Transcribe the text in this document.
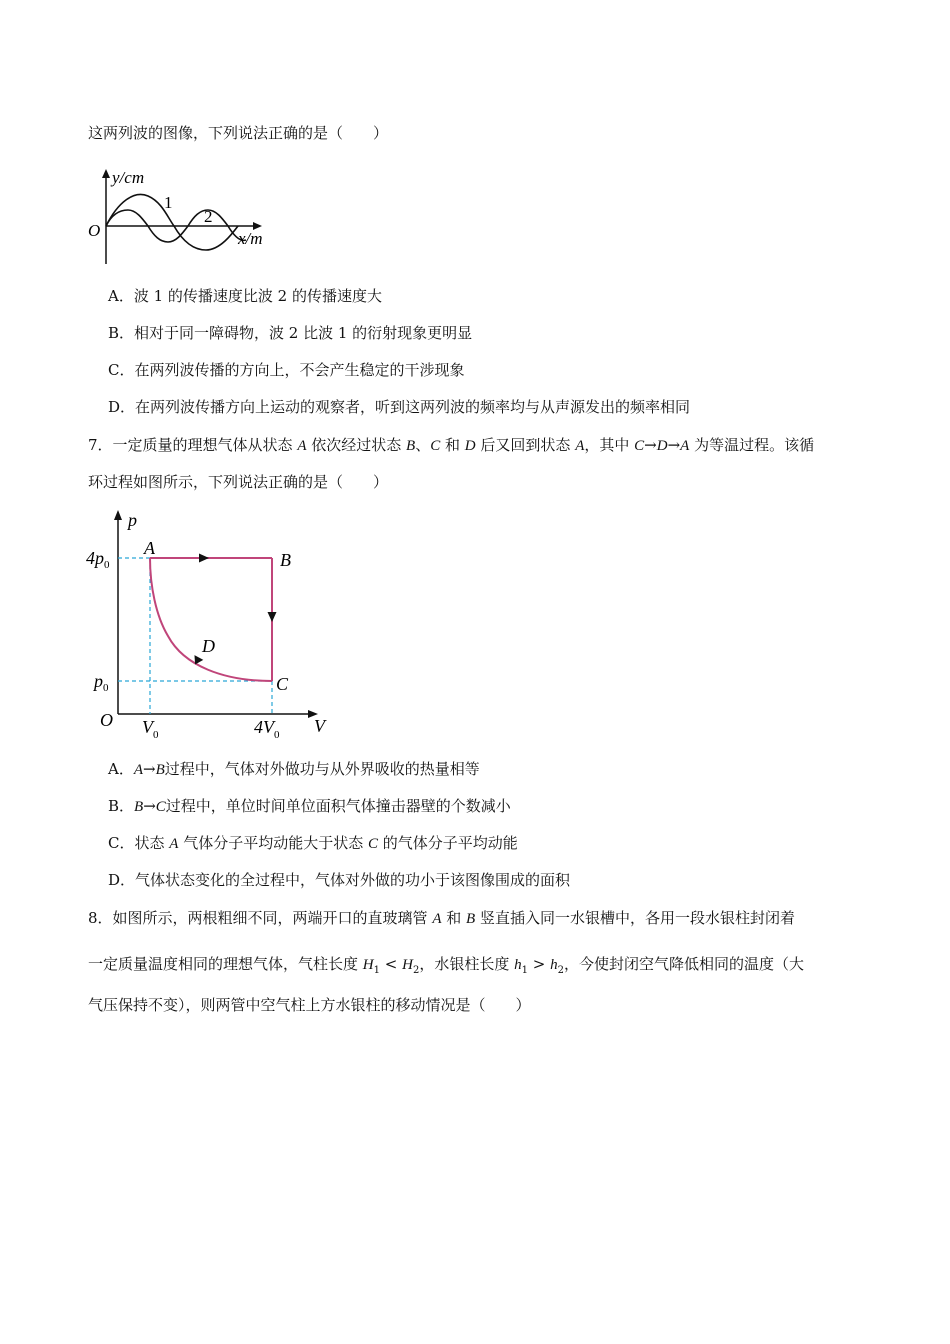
这两列波的图像，下列说法正确的是（　　）
y/cm
O
1
2
x/m
A．波 1 的传播速度比波 2 的传播速度大
B．相对于同一障碍物，波 2 比波 1 的衍射现象更明显
C．在两列波传播的方向上，不会产生稳定的干涉现象
D．在两列波传播方向上运动的观察者，听到这两列波的频率均与从声源发出的频率相同
7．一定质量的理想气体从状态 A 依次经过状态 B、C 和 D 后又回到状态 A，其中 C→D→A 为等温过程。该循
环过程如图所示，下列说法正确的是（　　）
p
V
O
$4p_0$
$p_0$
$V_0$	$4V_0$
A
B
C
D
A．A→B过程中，气体对外做功与从外界吸收的热量相等
B．B→C过程中，单位时间单位面积气体撞击器壁的个数减小
C．状态 A 气体分子平均动能大于状态 C 的气体分子平均动能
D．气体状态变化的全过程中，气体对外做的功小于该图像围成的面积
8．如图所示，两根粗细不同，两端开口的直玻璃管 A 和 B 竖直插入同一水银槽中，各用一段水银柱封闭着
一定质量温度相同的理想气体，气柱长度 $H_1 < H_2$，水银柱长度 $h_1 > h_2$，今使封闭空气降低相同的温度（大
气压保持不变），则两管中空气柱上方水银柱的移动情况是（　　）
